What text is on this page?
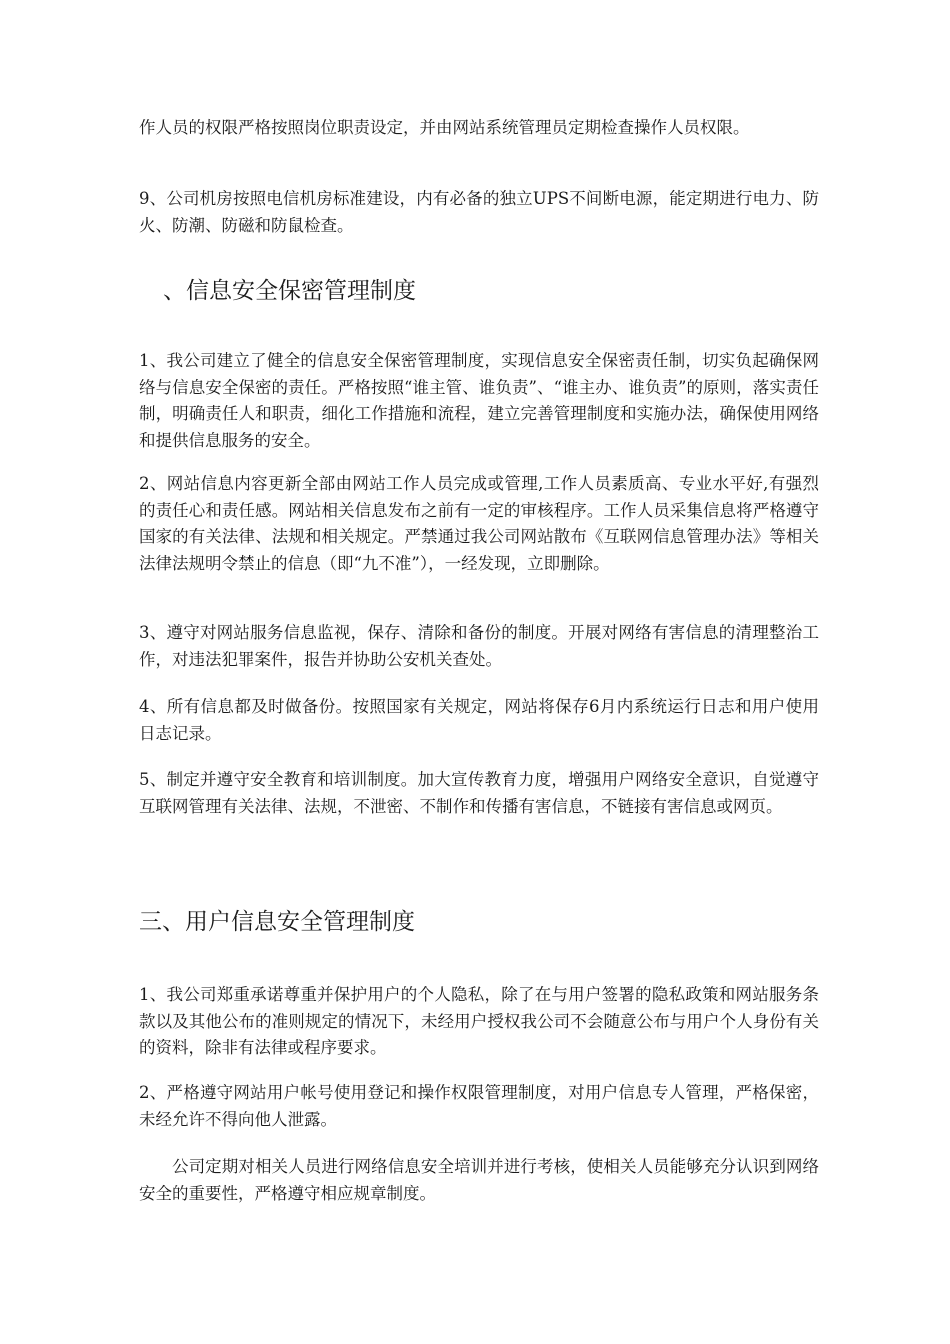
作人员的权限严格按照岗位职责设定，并由网站系统管理员定期检查操作人员权限。

9、公司机房按照电信机房标准建设，内有必备的独立UPS不间断电源，能定期进行电力、防火、防潮、防磁和防鼠检查。

、信息安全保密管理制度

1、我公司建立了健全的信息安全保密管理制度，实现信息安全保密责任制，切实负起确保网络与信息安全保密的责任。严格按照“谁主管、谁负责”、“谁主办、谁负责”的原则，落实责任制，明确责任人和职责，细化工作措施和流程，建立完善管理制度和实施办法，确保使用网络和提供信息服务的安全。

2、网站信息内容更新全部由网站工作人员完成或管理,工作人员素质高、专业水平好,有强烈的责任心和责任感。网站相关信息发布之前有一定的审核程序。工作人员采集信息将严格遵守国家的有关法律、法规和相关规定。严禁通过我公司网站散布《互联网信息管理办法》等相关法律法规明令禁止的信息（即“九不准”），一经发现，立即删除。

3、遵守对网站服务信息监视，保存、清除和备份的制度。开展对网络有害信息的清理整治工作，对违法犯罪案件，报告并协助公安机关查处。

4、所有信息都及时做备份。按照国家有关规定，网站将保存6月内系统运行日志和用户使用日志记录。

5、制定并遵守安全教育和培训制度。加大宣传教育力度，增强用户网络安全意识，自觉遵守互联网管理有关法律、法规，不泄密、不制作和传播有害信息，不链接有害信息或网页。

三、用户信息安全管理制度

1、我公司郑重承诺尊重并保护用户的个人隐私，除了在与用户签署的隐私政策和网站服务条款以及其他公布的准则规定的情况下，未经用户授权我公司不会随意公布与用户个人身份有关的资料，除非有法律或程序要求。

2、严格遵守网站用户帐号使用登记和操作权限管理制度，对用户信息专人管理，严格保密，未经允许不得向他人泄露。

公司定期对相关人员进行网络信息安全培训并进行考核，使相关人员能够充分认识到网络安全的重要性，严格遵守相应规章制度。
